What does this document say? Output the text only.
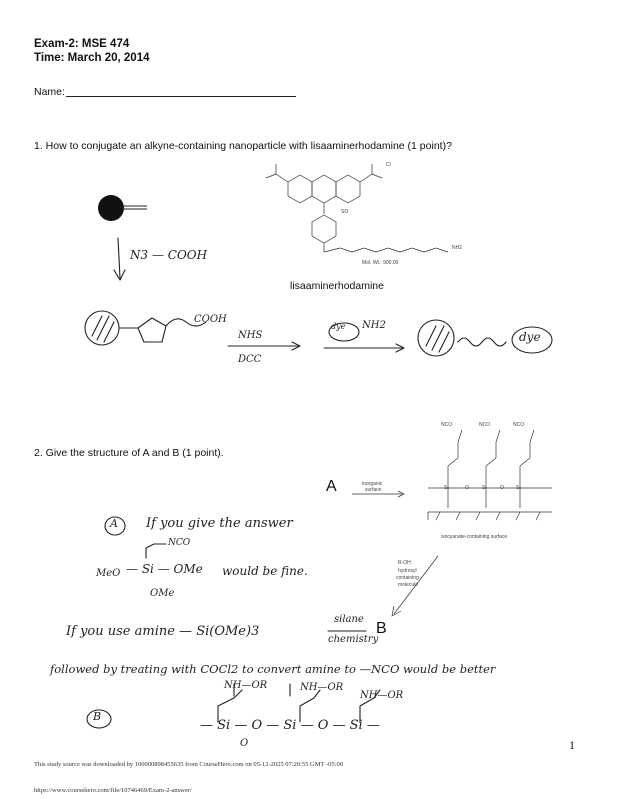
Exam-2: MSE 474
Time: March 20, 2014
Name:
1. How to conjugate an alkyne-containing nanoparticle with lisaaminerhodamine (1 point)?
Cl
SO
NH2
Mol. Wt.: 900.00
lisaaminerhodamine
N3 — COOH
COOH
NHS
DCC
dye NH2
dye
2. Give the structure of A and B (1 point).
A	inorganic
surface
NCO	NCO	NCO
Si	O	Si	O Si
isocyanate-containing surface
R-OH
hydroxyl
containing
molecule
A If you give the answer
NCO
MeO — Si — OMe
OMe
would be fine.
If you use amine — Si(OMe)3
silane
chemistry
B
followed by treating with COCl2 to convert amine to —NCO would be better
B
NH—OR	NH—OR
NH—OR
— Si — O — Si — O — Si —
O	1
This study source was downloaded by 100000898455635 from CourseHero.com on 05-12-2025 07:20:55 GMT -05:00
https://www.coursehero.com/file/10746469/Exam-2-answer/
